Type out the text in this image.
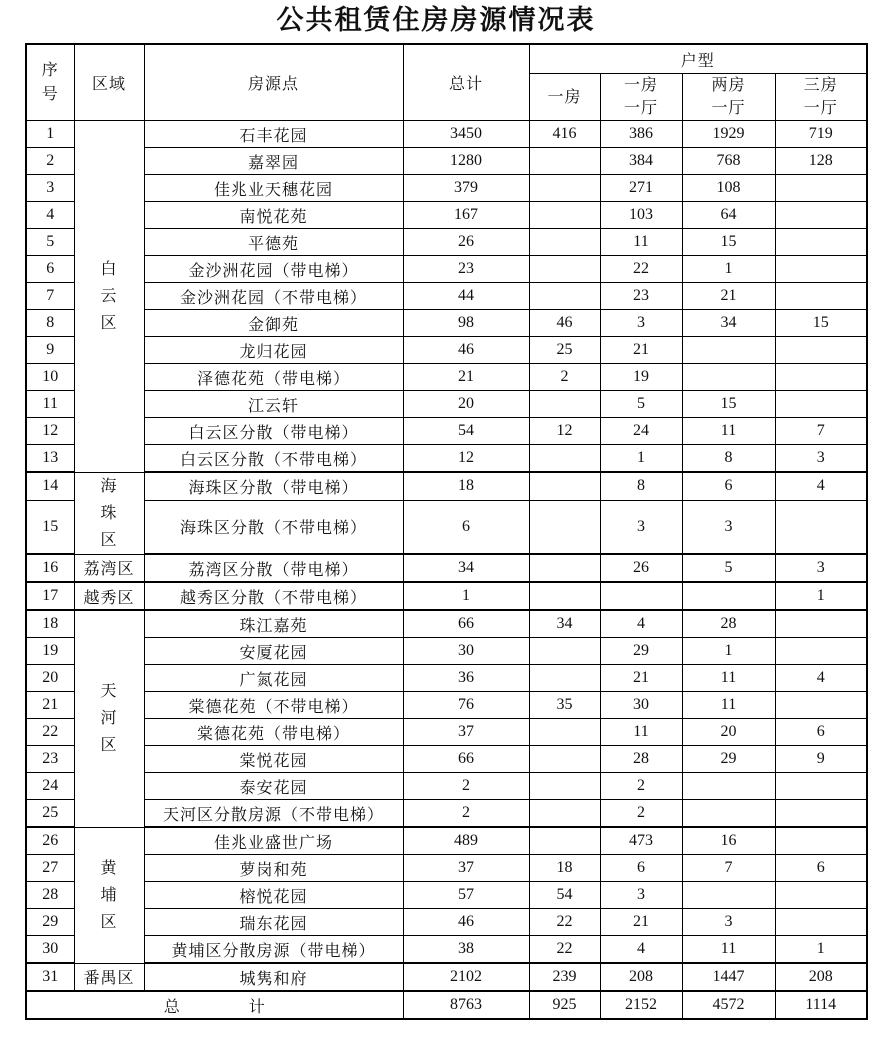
公共租赁住房房源情况表
序号	区域	房源点	总计	户型			
				一房	一房一厅	两房一厅	三房一厅
1	白云区	石丰花园	3450	416	386	1929	719
2		嘉翠园	1280		384	768	128
3		佳兆业天穗花园	379		271	108	
4		南悦花苑	167		103	64	
5		平德苑	26		11	15	
6		金沙洲花园（带电梯）	23		22	1	
7		金沙洲花园（不带电梯）	44		23	21	
8		金御苑	98	46	3	34	15
9		龙归花园	46	25	21		
10		泽德花苑（带电梯）	21	2	19		
11		江云轩	20		5	15	
12		白云区分散（带电梯）	54	12	24	11	7
13		白云区分散（不带电梯）	12		1	8	3
14	海珠区	海珠区分散（带电梯）	18		8	6	4
15		海珠区分散（不带电梯）	6		3	3	
16	荔湾区	荔湾区分散（带电梯）	34		26	5	3
17	越秀区	越秀区分散（不带电梯）	1				1
18	天河区	珠江嘉苑	66	34	4	28	
19		安厦花园	30		29	1	
20		广氮花园	36		21	11	4
21		棠德花苑（不带电梯）	76	35	30	11	
22		棠德花苑（带电梯）	37		11	20	6
23		棠悦花园	66		28	29	9
24		泰安花园	2		2		
25		天河区分散房源（不带电梯）	2		2		
26	黄埔区	佳兆业盛世广场	489		473	16	
27		萝岗和苑	37	18	6	7	6
28		榕悦花园	57	54	3		
29		瑞东花园	46	22	21	3	
30		黄埔区分散房源（带电梯）	38	22	4	11	1
31	番禺区	城隽和府	2102	239	208	1447	208
总　　　　计			8763	925	2152	4572	1114
